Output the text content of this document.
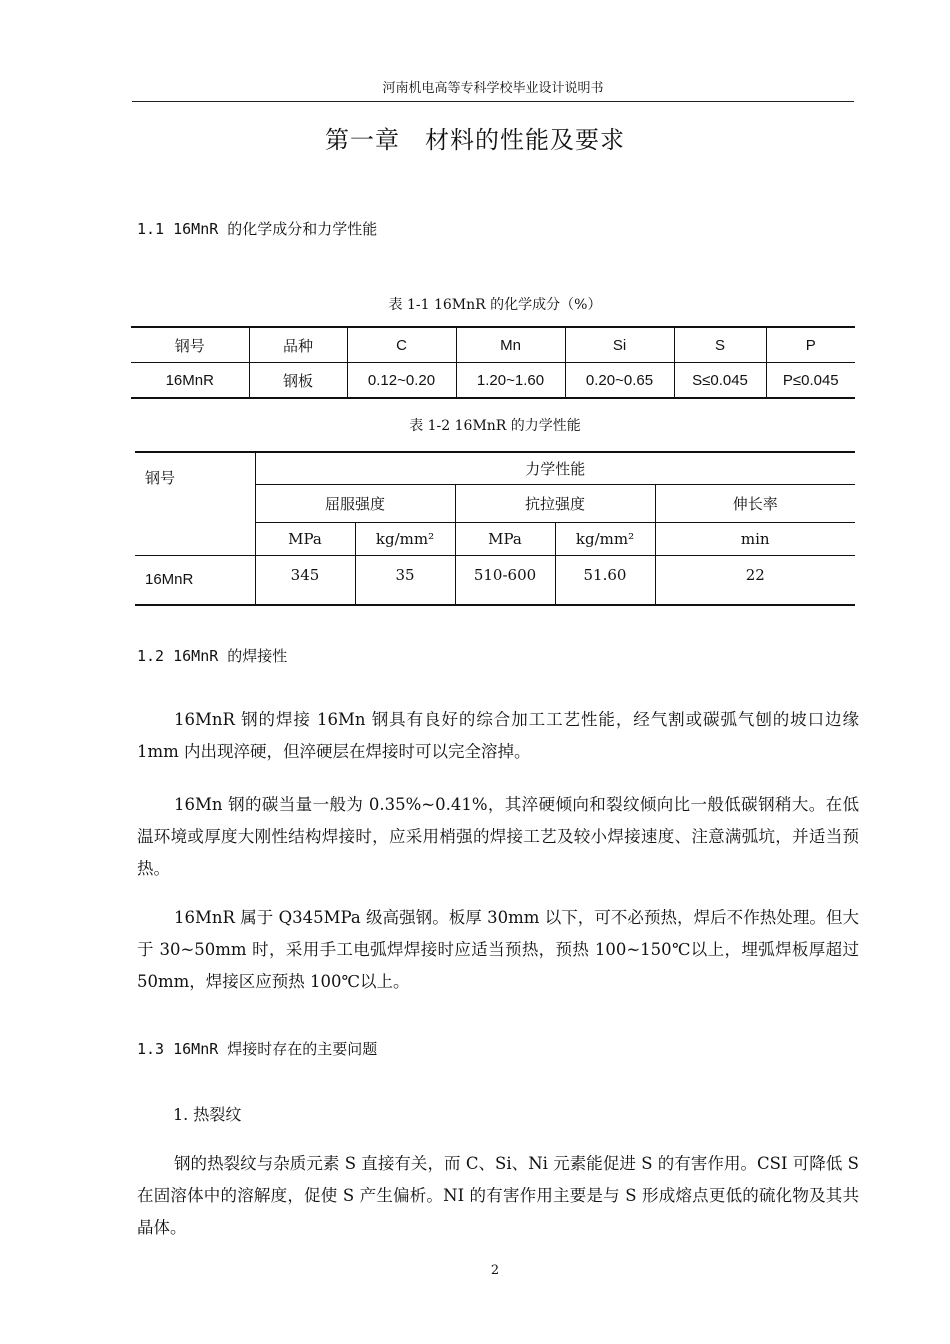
河南机电高等专科学校毕业设计说明书
第一章　材料的性能及要求
1.1 16MnR 的化学成分和力学性能
表 1-1 16MnR 的化学成分（%）
钢号	品种	C	Mn	Si	S	P
16MnR	钢板	0.12~0.20	1.20~1.60	0.20~0.65	S≤0.045	P≤0.045
表 1-2 16MnR 的力学性能
钢号	力学性能				
	屈服强度		抗拉强度		伸长率
	MPa	kg/mm²	MPa	kg/mm²	min
16MnR	345	35	510-600	51.60	22
1.2 16MnR 的焊接性
16MnR 钢的焊接 16Mn 钢具有良好的综合加工工艺性能，经气割或碳弧气刨的坡口边缘 1mm 内出现淬硬，但淬硬层在焊接时可以完全溶掉。
16Mn 钢的碳当量一般为 0.35%~0.41%，其淬硬倾向和裂纹倾向比一般低碳钢稍大。在低温环境或厚度大刚性结构焊接时，应采用梢强的焊接工艺及较小焊接速度、注意满弧坑，并适当预热。
16MnR 属于 Q345MPa 级高强钢。板厚 30mm 以下，可不必预热，焊后不作热处理。但大于 30~50mm 时，采用手工电弧焊焊接时应适当预热，预热 100~150℃以上，埋弧焊板厚超过 50mm，焊接区应预热 100℃以上。
1.3 16MnR 焊接时存在的主要问题
1. 热裂纹
钢的热裂纹与杂质元素 S 直接有关，而 C、Si、Ni 元素能促进 S 的有害作用。CSI 可降低 S 在固溶体中的溶解度，促使 S 产生偏析。NI 的有害作用主要是与 S 形成熔点更低的硫化物及其共晶体。
2
